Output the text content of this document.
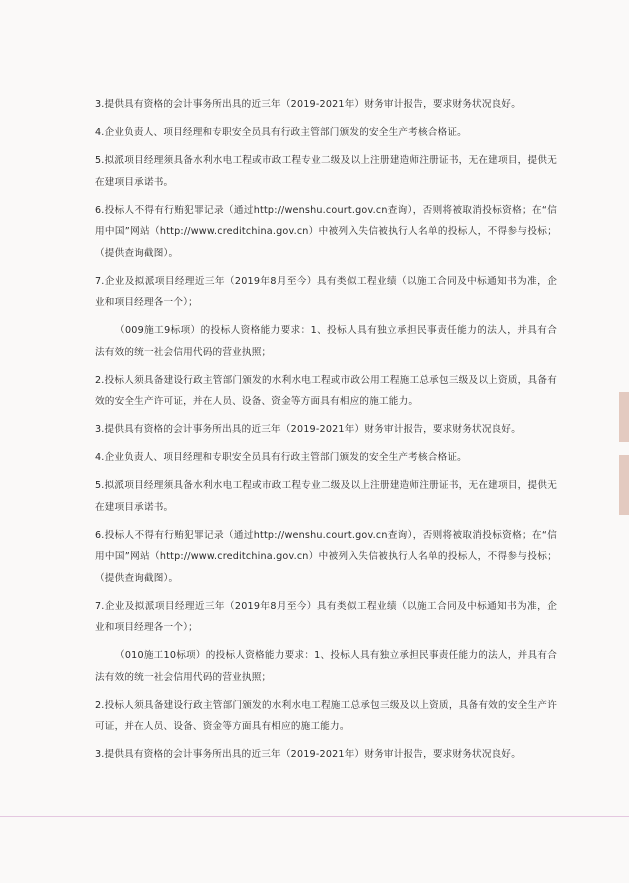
3.提供具有资格的会计事务所出具的近三年（2019-2021年）财务审计报告，要求财务状况良好。

4.企业负责人、项目经理和专职安全员具有行政主管部门颁发的安全生产考核合格证。

5.拟派项目经理须具备水利水电工程或市政工程专业二级及以上注册建造师注册证书，无在建项目，提供无在建项目承诺书。

6.投标人不得有行贿犯罪记录（通过http://wenshu.court.gov.cn查询），否则将被取消投标资格；在“信用中国”网站（http://www.creditchina.gov.cn）中被列入失信被执行人名单的投标人，不得参与投标；（提供查询截图）。

7.企业及拟派项目经理近三年（2019年8月至今）具有类似工程业绩（以施工合同及中标通知书为准，企业和项目经理各一个）；

（009施工9标项）的投标人资格能力要求：1、投标人具有独立承担民事责任能力的法人，并具有合法有效的统一社会信用代码的营业执照；

2.投标人须具备建设行政主管部门颁发的水利水电工程或市政公用工程施工总承包三级及以上资质，具备有效的安全生产许可证，并在人员、设备、资金等方面具有相应的施工能力。

3.提供具有资格的会计事务所出具的近三年（2019-2021年）财务审计报告，要求财务状况良好。

4.企业负责人、项目经理和专职安全员具有行政主管部门颁发的安全生产考核合格证。

5.拟派项目经理须具备水利水电工程或市政工程专业二级及以上注册建造师注册证书，无在建项目，提供无在建项目承诺书。

6.投标人不得有行贿犯罪记录（通过http://wenshu.court.gov.cn查询），否则将被取消投标资格；在“信用中国”网站（http://www.creditchina.gov.cn）中被列入失信被执行人名单的投标人，不得参与投标；（提供查询截图）。

7.企业及拟派项目经理近三年（2019年8月至今）具有类似工程业绩（以施工合同及中标通知书为准，企业和项目经理各一个）；

（010施工10标项）的投标人资格能力要求：1、投标人具有独立承担民事责任能力的法人，并具有合法有效的统一社会信用代码的营业执照；

2.投标人须具备建设行政主管部门颁发的水利水电工程施工总承包三级及以上资质，具备有效的安全生产许可证，并在人员、设备、资金等方面具有相应的施工能力。

3.提供具有资格的会计事务所出具的近三年（2019-2021年）财务审计报告，要求财务状况良好。
